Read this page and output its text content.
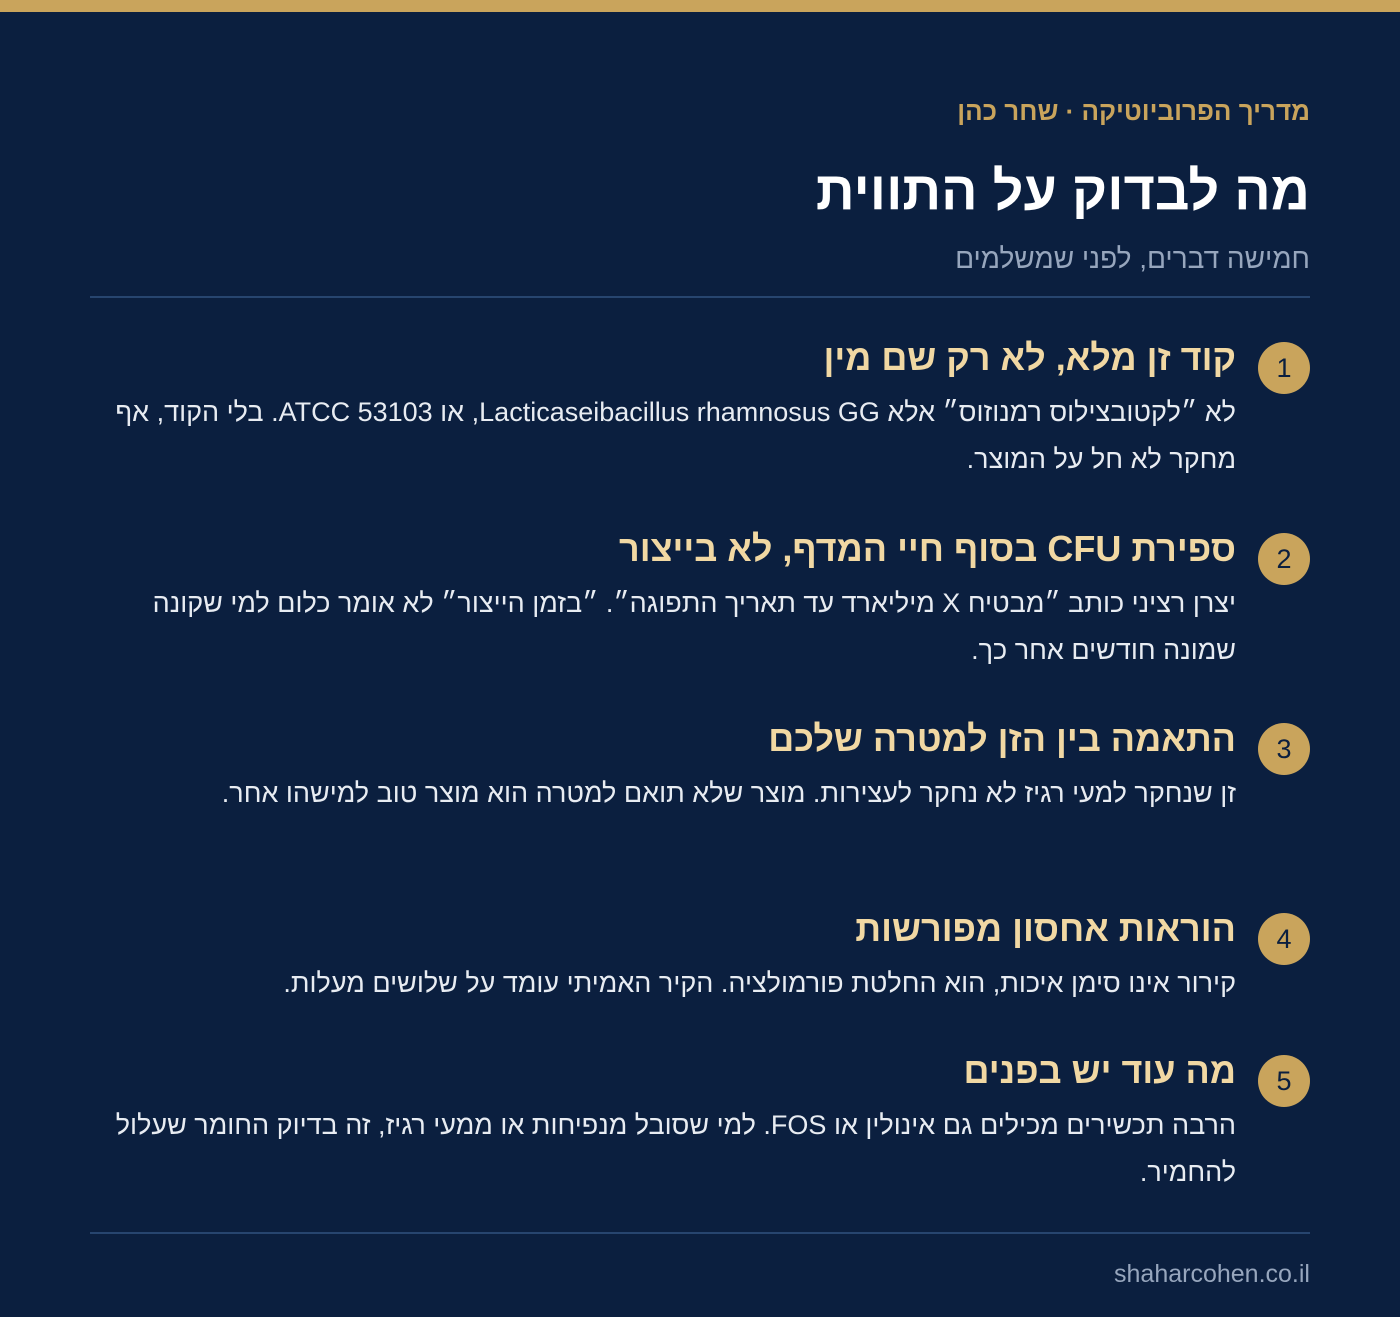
מדריך הפרוביוטיקה · שחר כהן
מה לבדוק על התווית
חמישה דברים, לפני שמשלמים
1
קוד זן מלא, לא רק שם מין
לא ״לקטובצילוס רמנוזוס״ אלא Lacticaseibacillus rhamnosus GG, או ATCC 53103. בלי הקוד, אף מחקר לא חל על המוצר.
2
ספירת CFU בסוף חיי המדף, לא בייצור
יצרן רציני כותב ״מבטיח X מיליארד עד תאריך התפוגה״. ״בזמן הייצור״ לא אומר כלום למי שקונה שמונה חודשים אחר כך.
3
התאמה בין הזן למטרה שלכם
זן שנחקר למעי רגיז לא נחקר לעצירות. מוצר שלא תואם למטרה הוא מוצר טוב למישהו אחר.
4
הוראות אחסון מפורשות
קירור אינו סימן איכות, הוא החלטת פורמולציה. הקיר האמיתי עומד על שלושים מעלות.
5
מה עוד יש בפנים
הרבה תכשירים מכילים גם אינולין או FOS. למי שסובל מנפיחות או ממעי רגיז, זה בדיוק החומר שעלול להחמיר.
shaharcohen.co.il
